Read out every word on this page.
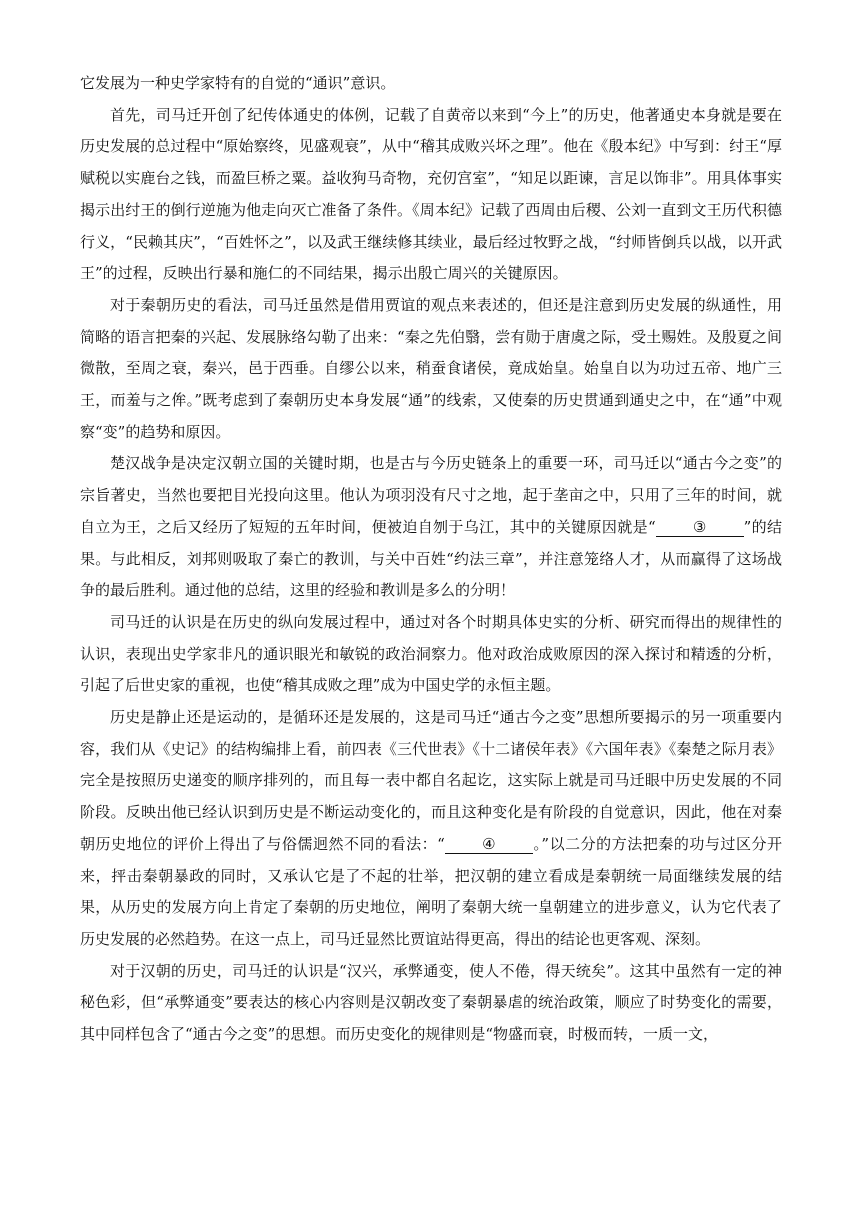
它发展为一种史学家特有的自觉的“通识”意识。

首先，司马迁开创了纪传体通史的体例，记载了自黄帝以来到“今上”的历史，他著通史本身就是要在历史发展的总过程中“原始察终，见盛观衰”，从中“稽其成败兴坏之理”。他在《殷本纪》中写到：纣王“厚赋税以实鹿台之钱，而盈巨桥之粟。益收狗马奇物，充仞宫室”，“知足以距谏，言足以饰非”。用具体事实揭示出纣王的倒行逆施为他走向灭亡准备了条件。《周本纪》记载了西周由后稷、公刘一直到文王历代积德行义，“民赖其庆”，“百姓怀之”，以及武王继续修其续业，最后经过牧野之战，“纣师皆倒兵以战，以开武王”的过程，反映出行暴和施仁的不同结果，揭示出殷亡周兴的关键原因。

对于秦朝历史的看法，司马迁虽然是借用贾谊的观点来表述的，但还是注意到历史发展的纵通性，用简略的语言把秦的兴起、发展脉络勾勒了出来：“秦之先伯翳，尝有勋于唐虞之际，受土赐姓。及殷夏之间微散，至周之衰，秦兴，邑于西垂。自缪公以来，稍蚕食诸侯，竟成始皇。始皇自以为功过五帝、地广三王，而羞与之侔。”既考虑到了秦朝历史本身发展“通”的线索，又使秦的历史贯通到通史之中，在“通”中观察“变”的趋势和原因。

楚汉战争是决定汉朝立国的关键时期，也是古与今历史链条上的重要一环，司马迁以“通古今之变”的宗旨著史，当然也要把目光投向这里。他认为项羽没有尺寸之地，起于垄亩之中，只用了三年的时间，就自立为王，之后又经历了短短的五年时间，便被迫自刎于乌江，其中的关键原因就是“ ③ ”的结果。与此相反，刘邦则吸取了秦亡的教训，与关中百姓“约法三章”，并注意笼络人才，从而赢得了这场战争的最后胜利。通过他的总结，这里的经验和教训是多么的分明！

司马迁的认识是在历史的纵向发展过程中，通过对各个时期具体史实的分析、研究而得出的规律性的认识，表现出史学家非凡的通识眼光和敏锐的政治洞察力。他对政治成败原因的深入探讨和精透的分析，引起了后世史家的重视，也使“稽其成败之理”成为中国史学的永恒主题。

历史是静止还是运动的，是循环还是发展的，这是司马迁“通古今之变”思想所要揭示的另一项重要内容，我们从《史记》的结构编排上看，前四表《三代世表》《十二诸侯年表》《六国年表》《秦楚之际月表》完全是按照历史递变的顺序排列的，而且每一表中都自名起讫，这实际上就是司马迁眼中历史发展的不同阶段。反映出他已经认识到历史是不断运动变化的，而且这种变化是有阶段的自觉意识，因此，他在对秦朝历史地位的评价上得出了与俗儒迥然不同的看法：“ ④ 。”以二分的方法把秦的功与过区分开来，抨击秦朝暴政的同时，又承认它是了不起的壮举，把汉朝的建立看成是秦朝统一局面继续发展的结果，从历史的发展方向上肯定了秦朝的历史地位，阐明了秦朝大统一皇朝建立的进步意义，认为它代表了历史发展的必然趋势。在这一点上，司马迁显然比贾谊站得更高，得出的结论也更客观、深刻。

对于汉朝的历史，司马迁的认识是“汉兴，承弊通变，使人不倦，得天统矣”。这其中虽然有一定的神秘色彩，但“承弊通变”要表达的核心内容则是汉朝改变了秦朝暴虐的统治政策，顺应了时势变化的需要，其中同样包含了“通古今之变”的思想。而历史变化的规律则是“物盛而衰，时极而转，一质一文，
